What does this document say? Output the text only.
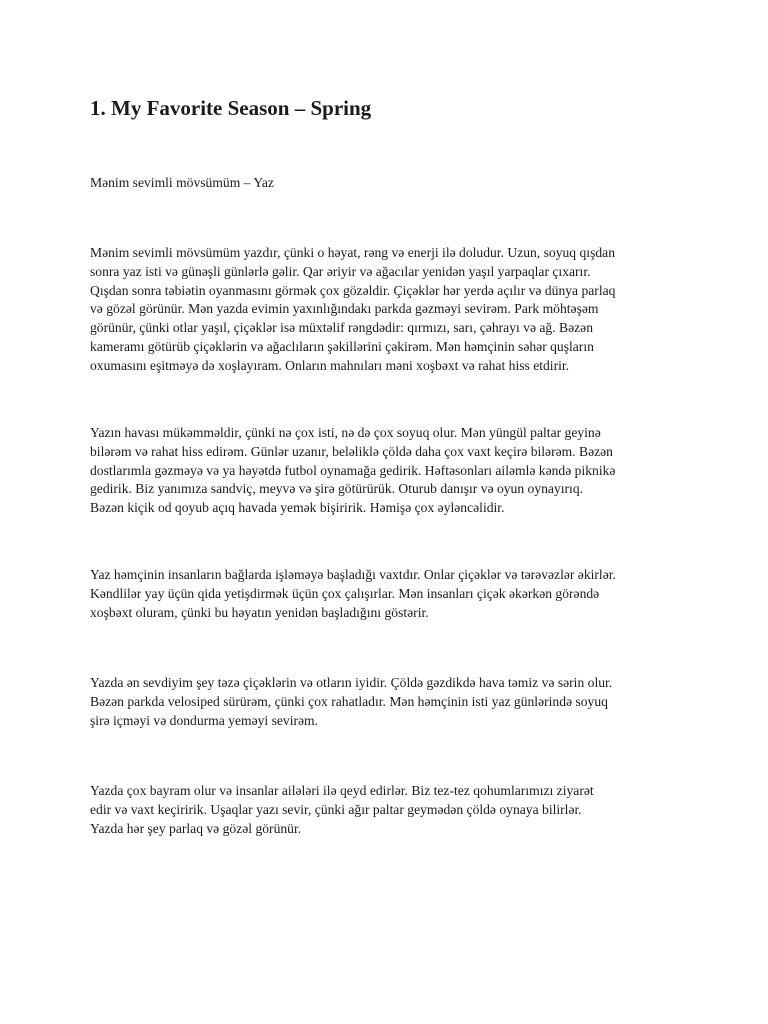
1. My Favorite Season – Spring

Mənim sevimli mövsümüm – Yaz

Mənim sevimli mövsümüm yazdır, çünki o həyat, rəng və enerji ilə doludur. Uzun, soyuq qışdan
sonra yaz isti və günəşli günlərlə gəlir. Qar əriyir və ağacılar yenidən yaşıl yarpaqlar çıxarır.
Qışdan sonra təbiətin oyanmasını görmək çox gözəldir. Çiçəklər hər yerdə açılır və dünya parlaq
və gözəl görünür. Mən yazda evimin yaxınlığındakı parkda gəzməyi sevirəm. Park möhtəşəm
görünür, çünki otlar yaşıl, çiçəklər isə müxtəlif rəngdədir: qırmızı, sarı, çəhrayı və ağ. Bəzən
kameramı götürüb çiçəklərin və ağaclıların şəkillərini çəkirəm. Mən həmçinin səhər quşların
oxumasını eşitməyə də xoşlayıram. Onların mahnıları məni xoşbəxt və rahat hiss etdirir.

Yazın havası mükəmməldir, çünki nə çox isti, nə də çox soyuq olur. Mən yüngül paltar geyinə
bilərəm və rahat hiss edirəm. Günlər uzanır, beləliklə çöldə daha çox vaxt keçirə bilərəm. Bəzən
dostlarımla gəzməyə və ya həyətdə futbol oynamağa gedirik. Həftəsonları ailəmlə kəndə piknikə
gedirik. Biz yanımıza sandviç, meyvə və şirə götürürük. Oturub danışır və oyun oynayırıq.
Bəzən kiçik od qoyub açıq havada yemək bişiririk. Həmişə çox əyləncəlidir.

Yaz həmçinin insanların bağlarda işləməyə başladığı vaxtdır. Onlar çiçəklər və tərəvəzlər əkirlər.
Kəndlilər yay üçün qida yetişdirmək üçün çox çalışırlar. Mən insanları çiçək əkərkən görəndə
xoşbəxt oluram, çünki bu həyatın yenidən başladığını göstərir.

Yazda ən sevdiyim şey təzə çiçəklərin və otların iyidir. Çöldə gəzdikdə hava təmiz və sərin olur.
Bəzən parkda velosiped sürürəm, çünki çox rahatladır. Mən həmçinin isti yaz günlərində soyuq
şirə içməyi və dondurma yeməyi sevirəm.

Yazda çox bayram olur və insanlar ailələri ilə qeyd edirlər. Biz tez-tez qohumlarımızı ziyarət
edir və vaxt keçiririk. Uşaqlar yazı sevir, çünki ağır paltar geymədən çöldə oynaya bilirlər.
Yazda hər şey parlaq və gözəl görünür.
